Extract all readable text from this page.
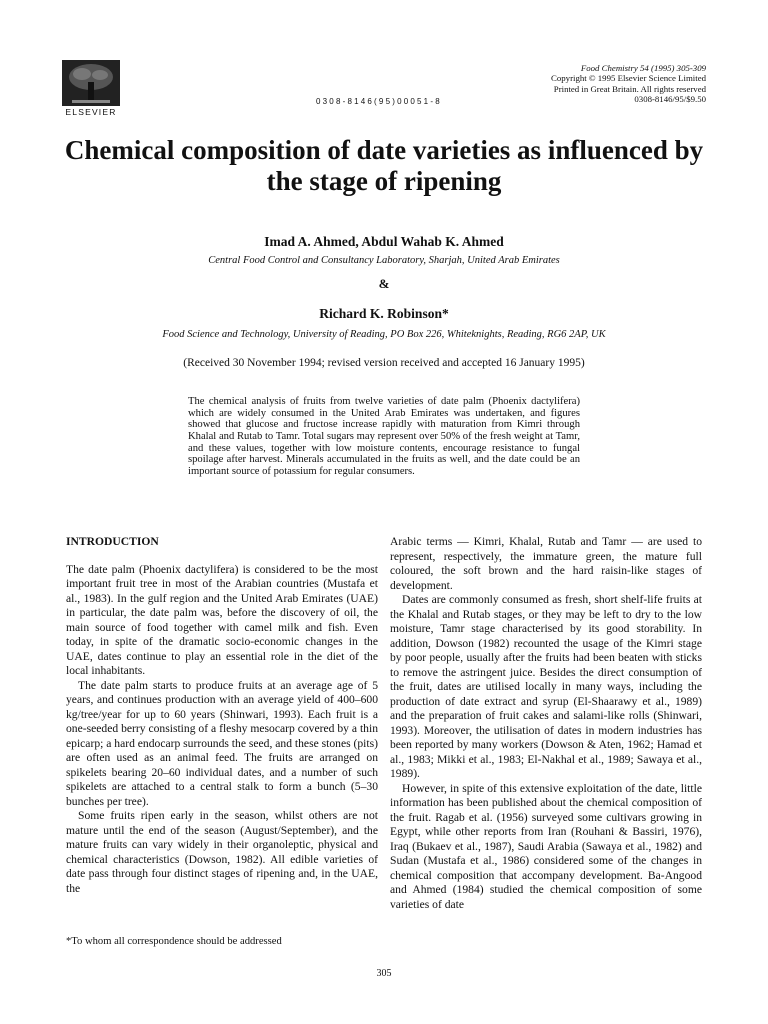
ELSEVIER
0308-8146(95)00051-8
Food Chemistry 54 (1995) 305-309
Copyright © 1995 Elsevier Science Limited
Printed in Great Britain. All rights reserved
0308-8146/95/$9.50
Chemical composition of date varieties as influenced by the stage of ripening
Imad A. Ahmed, Abdul Wahab K. Ahmed
Central Food Control and Consultancy Laboratory, Sharjah, United Arab Emirates
&
Richard K. Robinson*
Food Science and Technology, University of Reading, PO Box 226, Whiteknights, Reading, RG6 2AP, UK
(Received 30 November 1994; revised version received and accepted 16 January 1995)
The chemical analysis of fruits from twelve varieties of date palm (Phoenix dactylifera) which are widely consumed in the United Arab Emirates was undertaken, and figures showed that glucose and fructose increase rapidly with maturation from Kimri through Khalal and Rutab to Tamr. Total sugars may represent over 50% of the fresh weight at Tamr, and these values, together with low moisture contents, encourage resistance to fungal spoilage after harvest. Minerals accumulated in the fruits as well, and the date could be an important source of potassium for regular consumers.
INTRODUCTION

The date palm (Phoenix dactylifera) is considered to be the most important fruit tree in most of the Arabian countries (Mustafa et al., 1983). In the gulf region and the United Arab Emirates (UAE) in particular, the date palm was, before the discovery of oil, the main source of food together with camel milk and fish. Even today, in spite of the dramatic socio-economic changes in the UAE, dates continue to play an essential role in the diet of the local inhabitants.

The date palm starts to produce fruits at an average age of 5 years, and continues production with an average yield of 400–600 kg/tree/year for up to 60 years (Shinwari, 1993). Each fruit is a one-seeded berry consisting of a fleshy mesocarp covered by a thin epicarp; a hard endocarp surrounds the seed, and these stones (pits) are often used as an animal feed. The fruits are arranged on spikelets bearing 20–60 individual dates, and a number of such spikelets are attached to a central stalk to form a bunch (5–30 bunches per tree).

Some fruits ripen early in the season, whilst others are not mature until the end of the season (August/September), and the mature fruits can vary widely in their organoleptic, physical and chemical characteristics (Dowson, 1982). All edible varieties of date pass through four distinct stages of ripening and, in the UAE, the

Arabic terms — Kimri, Khalal, Rutab and Tamr — are used to represent, respectively, the immature green, the mature full coloured, the soft brown and the hard raisin-like stages of development.

Dates are commonly consumed as fresh, short shelf-life fruits at the Khalal and Rutab stages, or they may be left to dry to the low moisture, Tamr stage characterised by its good storability. In addition, Dowson (1982) recounted the usage of the Kimri stage by poor people, usually after the fruits had been beaten with sticks to remove the astringent juice. Besides the direct consumption of the fruit, dates are utilised locally in many ways, including the production of date extract and syrup (El-Shaarawy et al., 1989) and the preparation of fruit cakes and salami-like rolls (Shinwari, 1993). Moreover, the utilisation of dates in modern industries has been reported by many workers (Dowson & Aten, 1962; Hamad et al., 1983; Mikki et al., 1983; El-Nakhal et al., 1989; Sawaya et al., 1989).

However, in spite of this extensive exploitation of the date, little information has been published about the chemical composition of the fruit. Ragab et al. (1956) surveyed some cultivars growing in Egypt, while other reports from Iran (Rouhani & Bassiri, 1976), Iraq (Bukaev et al., 1987), Saudi Arabia (Sawaya et al., 1982) and Sudan (Mustafa et al., 1986) considered some of the changes in chemical composition that accompany development. Ba-Angood and Ahmed (1984) studied the chemical composition of some varieties of date

*To whom all correspondence should be addressed
305
